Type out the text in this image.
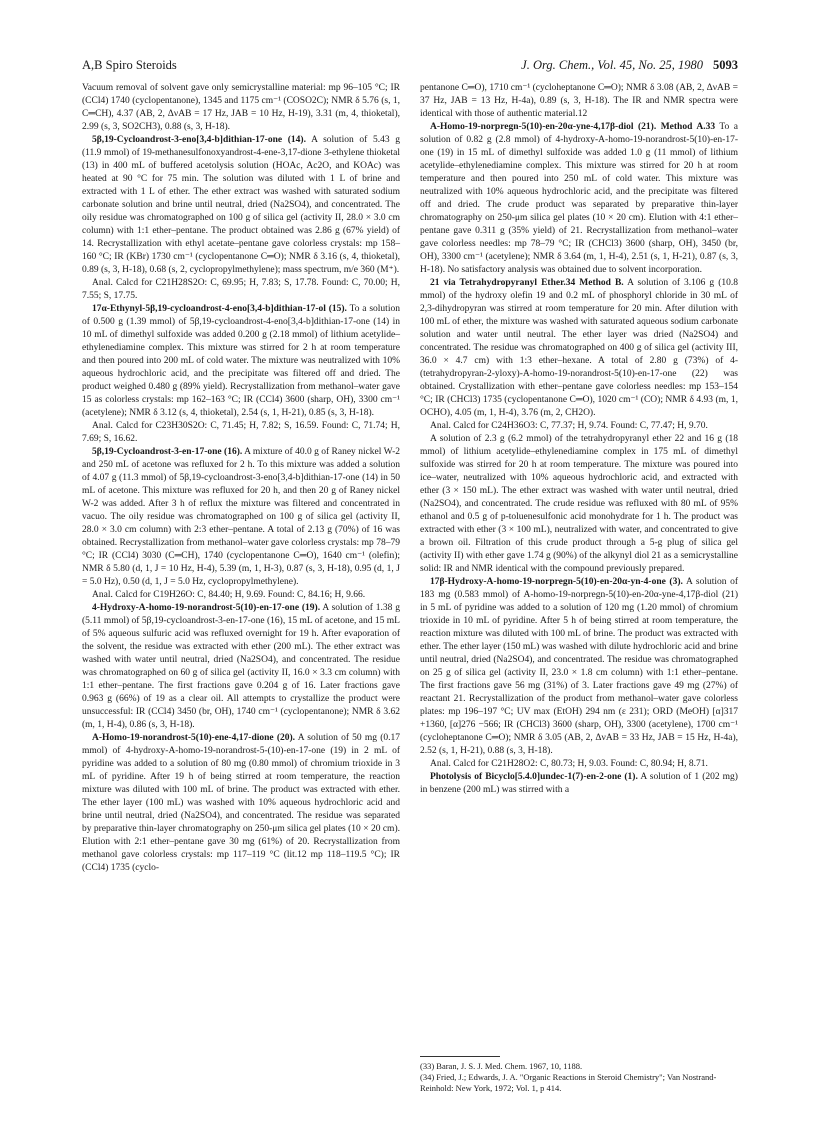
A,B Spiro Steroids	J. Org. Chem., Vol. 45, No. 25, 1980 5093

Vacuum removal of solvent gave only semicrystalline material: mp 96–105 °C; IR (CCl4) 1740 (cyclopentanone), 1345 and 1175 cm⁻¹ (COSO2C); NMR δ 5.76 (s, 1, C═CH), 4.37 (AB, 2, ΔνAB = 17 Hz, JAB = 10 Hz, H-19), 3.31 (m, 4, thioketal), 2.99 (s, 3, SO2CH3), 0.88 (s, 3, H-18).

5β,19-Cycloandrost-3-eno[3,4-b]dithian-17-one (14). A solution of 5.43 g (11.9 mmol) of 19-methanesulfonoxyandrost-4-ene-3,17-dione 3-ethylene thioketal (13) in 400 mL of buffered acetolysis solution (HOAc, Ac2O, and KOAc) was heated at 90 °C for 75 min. The solution was diluted with 1 L of brine and extracted with 1 L of ether. The ether extract was washed with saturated sodium carbonate solution and brine until neutral, dried (Na2SO4), and concentrated. The oily residue was chromatographed on 100 g of silica gel (activity II, 28.0 × 3.0 cm column) with 1:1 ether–pentane. The product obtained was 2.86 g (67% yield) of 14. Recrystallization with ethyl acetate–pentane gave colorless crystals: mp 158–160 °C; IR (KBr) 1730 cm⁻¹ (cyclopentanone C═O); NMR δ 3.16 (s, 4, thioketal), 0.89 (s, 3, H-18), 0.68 (s, 2, cyclopropylmethylene); mass spectrum, m/e 360 (M⁺).

Anal. Calcd for C21H28S2O: C, 69.95; H, 7.83; S, 17.78. Found: C, 70.00; H, 7.55; S, 17.75.

17α-Ethynyl-5β,19-cycloandrost-4-eno[3,4-b]dithian-17-ol (15). To a solution of 0.500 g (1.39 mmol) of 5β,19-cycloandrost-4-eno[3,4-b]dithian-17-one (14) in 10 mL of dimethyl sulfoxide was added 0.200 g (2.18 mmol) of lithium acetylide–ethylenediamine complex. This mixture was stirred for 2 h at room temperature and then poured into 200 mL of cold water. The mixture was neutralized with 10% aqueous hydrochloric acid, and the precipitate was filtered off and dried. The product weighed 0.480 g (89% yield). Recrystallization from methanol–water gave 15 as colorless crystals: mp 162–163 °C; IR (CCl4) 3600 (sharp, OH), 3300 cm⁻¹ (acetylene); NMR δ 3.12 (s, 4, thioketal), 2.54 (s, 1, H-21), 0.85 (s, 3, H-18).

Anal. Calcd for C23H30S2O: C, 71.45; H, 7.82; S, 16.59. Found: C, 71.74; H, 7.69; S, 16.62.

5β,19-Cycloandrost-3-en-17-one (16). A mixture of 40.0 g of Raney nickel W-2 and 250 mL of acetone was refluxed for 2 h. To this mixture was added a solution of 4.07 g (11.3 mmol) of 5β,19-cycloandrost-3-eno[3,4-b]dithian-17-one (14) in 50 mL of acetone. This mixture was refluxed for 20 h, and then 20 g of Raney nickel W-2 was added. After 3 h of reflux the mixture was filtered and concentrated in vacuo. The oily residue was chromatographed on 100 g of silica gel (activity II, 28.0 × 3.0 cm column) with 2:3 ether–pentane. A total of 2.13 g (70%) of 16 was obtained. Recrystallization from methanol–water gave colorless crystals: mp 78–79 °C; IR (CCl4) 3030 (C═CH), 1740 (cyclopentanone C═O), 1640 cm⁻¹ (olefin); NMR δ 5.80 (d, 1, J = 10 Hz, H-4), 5.39 (m, 1, H-3), 0.87 (s, 3, H-18), 0.95 (d, 1, J = 5.0 Hz), 0.50 (d, 1, J = 5.0 Hz, cyclopropylmethylene).

Anal. Calcd for C19H26O: C, 84.40; H, 9.69. Found: C, 84.16; H, 9.66.

4-Hydroxy-A-homo-19-norandrost-5(10)-en-17-one (19). A solution of 1.38 g (5.11 mmol) of 5β,19-cycloandrost-3-en-17-one (16), 15 mL of acetone, and 15 mL of 5% aqueous sulfuric acid was refluxed overnight for 19 h. After evaporation of the solvent, the residue was extracted with ether (200 mL). The ether extract was washed with water until neutral, dried (Na2SO4), and concentrated. The residue was chromatographed on 60 g of silica gel (activity II, 16.0 × 3.3 cm column) with 1:1 ether–pentane. The first fractions gave 0.204 g of 16. Later fractions gave 0.963 g (66%) of 19 as a clear oil. All attempts to crystallize the product were unsuccessful: IR (CCl4) 3450 (br, OH), 1740 cm⁻¹ (cyclopentanone); NMR δ 3.62 (m, 1, H-4), 0.86 (s, 3, H-18).

A-Homo-19-norandrost-5(10)-ene-4,17-dione (20). A solution of 50 mg (0.17 mmol) of 4-hydroxy-A-homo-19-norandrost-5-(10)-en-17-one (19) in 2 mL of pyridine was added to a solution of 80 mg (0.80 mmol) of chromium trioxide in 3 mL of pyridine. After 19 h of being stirred at room temperature, the reaction mixture was diluted with 100 mL of brine. The product was extracted with ether. The ether layer (100 mL) was washed with 10% aqueous hydrochloric acid and brine until neutral, dried (Na2SO4), and concentrated. The residue was separated by preparative thin-layer chromatography on 250-μm silica gel plates (10 × 20 cm). Elution with 2:1 ether–pentane gave 30 mg (61%) of 20. Recrystallization from methanol gave colorless crystals: mp 117–119 °C (lit.12 mp 118–119.5 °C); IR (CCl4) 1735 (cyclo-

pentanone C═O), 1710 cm⁻¹ (cycloheptanone C═O); NMR δ 3.08 (AB, 2, ΔνAB = 37 Hz, JAB = 13 Hz, H-4a), 0.89 (s, 3, H-18). The IR and NMR spectra were identical with those of authentic material.12

A-Homo-19-norpregn-5(10)-en-20α-yne-4,17β-diol (21). Method A.33 To a solution of 0.82 g (2.8 mmol) of 4-hydroxy-A-homo-19-norandrost-5(10)-en-17-one (19) in 15 mL of dimethyl sulfoxide was added 1.0 g (11 mmol) of lithium acetylide–ethylenediamine complex. This mixture was stirred for 20 h at room temperature and then poured into 250 mL of cold water. This mixture was neutralized with 10% aqueous hydrochloric acid, and the precipitate was filtered off and dried. The crude product was separated by preparative thin-layer chromatography on 250-μm silica gel plates (10 × 20 cm). Elution with 4:1 ether–pentane gave 0.311 g (35% yield) of 21. Recrystallization from methanol–water gave colorless needles: mp 78–79 °C; IR (CHCl3) 3600 (sharp, OH), 3450 (br, OH), 3300 cm⁻¹ (acetylene); NMR δ 3.64 (m, 1, H-4), 2.51 (s, 1, H-21), 0.87 (s, 3, H-18). No satisfactory analysis was obtained due to solvent incorporation.

21 via Tetrahydropyranyl Ether.34 Method B. A solution of 3.106 g (10.8 mmol) of the hydroxy olefin 19 and 0.2 mL of phosphoryl chloride in 30 mL of 2,3-dihydropyran was stirred at room temperature for 20 min. After dilution with 100 mL of ether, the mixture was washed with saturated aqueous sodium carbonate solution and water until neutral. The ether layer was dried (Na2SO4) and concentrated. The residue was chromatographed on 400 g of silica gel (activity III, 36.0 × 4.7 cm) with 1:3 ether–hexane. A total of 2.80 g (73%) of 4-(tetrahydropyran-2-yloxy)-A-homo-19-norandrost-5(10)-en-17-one (22) was obtained. Crystallization with ether–pentane gave colorless needles: mp 153–154 °C; IR (CHCl3) 1735 (cyclopentanone C═O), 1020 cm⁻¹ (CO); NMR δ 4.93 (m, 1, OCHO), 4.05 (m, 1, H-4), 3.76 (m, 2, CH2O).

Anal. Calcd for C24H36O3: C, 77.37; H, 9.74. Found: C, 77.47; H, 9.70.

A solution of 2.3 g (6.2 mmol) of the tetrahydropyranyl ether 22 and 16 g (18 mmol) of lithium acetylide–ethylenediamine complex in 175 mL of dimethyl sulfoxide was stirred for 20 h at room temperature. The mixture was poured into ice–water, neutralized with 10% aqueous hydrochloric acid, and extracted with ether (3 × 150 mL). The ether extract was washed with water until neutral, dried (Na2SO4), and concentrated. The crude residue was refluxed with 80 mL of 95% ethanol and 0.5 g of p-toluenesulfonic acid monohydrate for 1 h. The product was extracted with ether (3 × 100 mL), neutralized with water, and concentrated to give a brown oil. Filtration of this crude product through a 5-g plug of silica gel (activity II) with ether gave 1.74 g (90%) of the alkynyl diol 21 as a semicrystalline solid: IR and NMR identical with the compound previously prepared.

17β-Hydroxy-A-homo-19-norpregn-5(10)-en-20α-yn-4-one (3). A solution of 183 mg (0.583 mmol) of A-homo-19-norpregn-5(10)-en-20α-yne-4,17β-diol (21) in 5 mL of pyridine was added to a solution of 120 mg (1.20 mmol) of chromium trioxide in 10 mL of pyridine. After 5 h of being stirred at room temperature, the reaction mixture was diluted with 100 mL of brine. The product was extracted with ether. The ether layer (150 mL) was washed with dilute hydrochloric acid and brine until neutral, dried (Na2SO4), and concentrated. The residue was chromatographed on 25 g of silica gel (activity II, 23.0 × 1.8 cm column) with 1:1 ether–pentane. The first fractions gave 56 mg (31%) of 3. Later fractions gave 49 mg (27%) of reactant 21. Recrystallization of the product from methanol–water gave colorless plates: mp 196–197 °C; UV max (EtOH) 294 nm (ε 231); ORD (MeOH) [α]317 +1360, [α]276 −566; IR (CHCl3) 3600 (sharp, OH), 3300 (acetylene), 1700 cm⁻¹ (cycloheptanone C═O); NMR δ 3.05 (AB, 2, ΔνAB = 33 Hz, JAB = 15 Hz, H-4a), 2.52 (s, 1, H-21), 0.88 (s, 3, H-18).

Anal. Calcd for C21H28O2: C, 80.73; H, 9.03. Found: C, 80.94; H, 8.71.

Photolysis of Bicyclo[5.4.0]undec-1(7)-en-2-one (1). A solution of 1 (202 mg) in benzene (200 mL) was stirred with a

(33) Baran, J. S. J. Med. Chem. 1967, 10, 1188.

(34) Fried, J.; Edwards, J. A. "Organic Reactions in Steroid Chemistry"; Van Nostrand-Reinhold: New York, 1972; Vol. 1, p 414.
